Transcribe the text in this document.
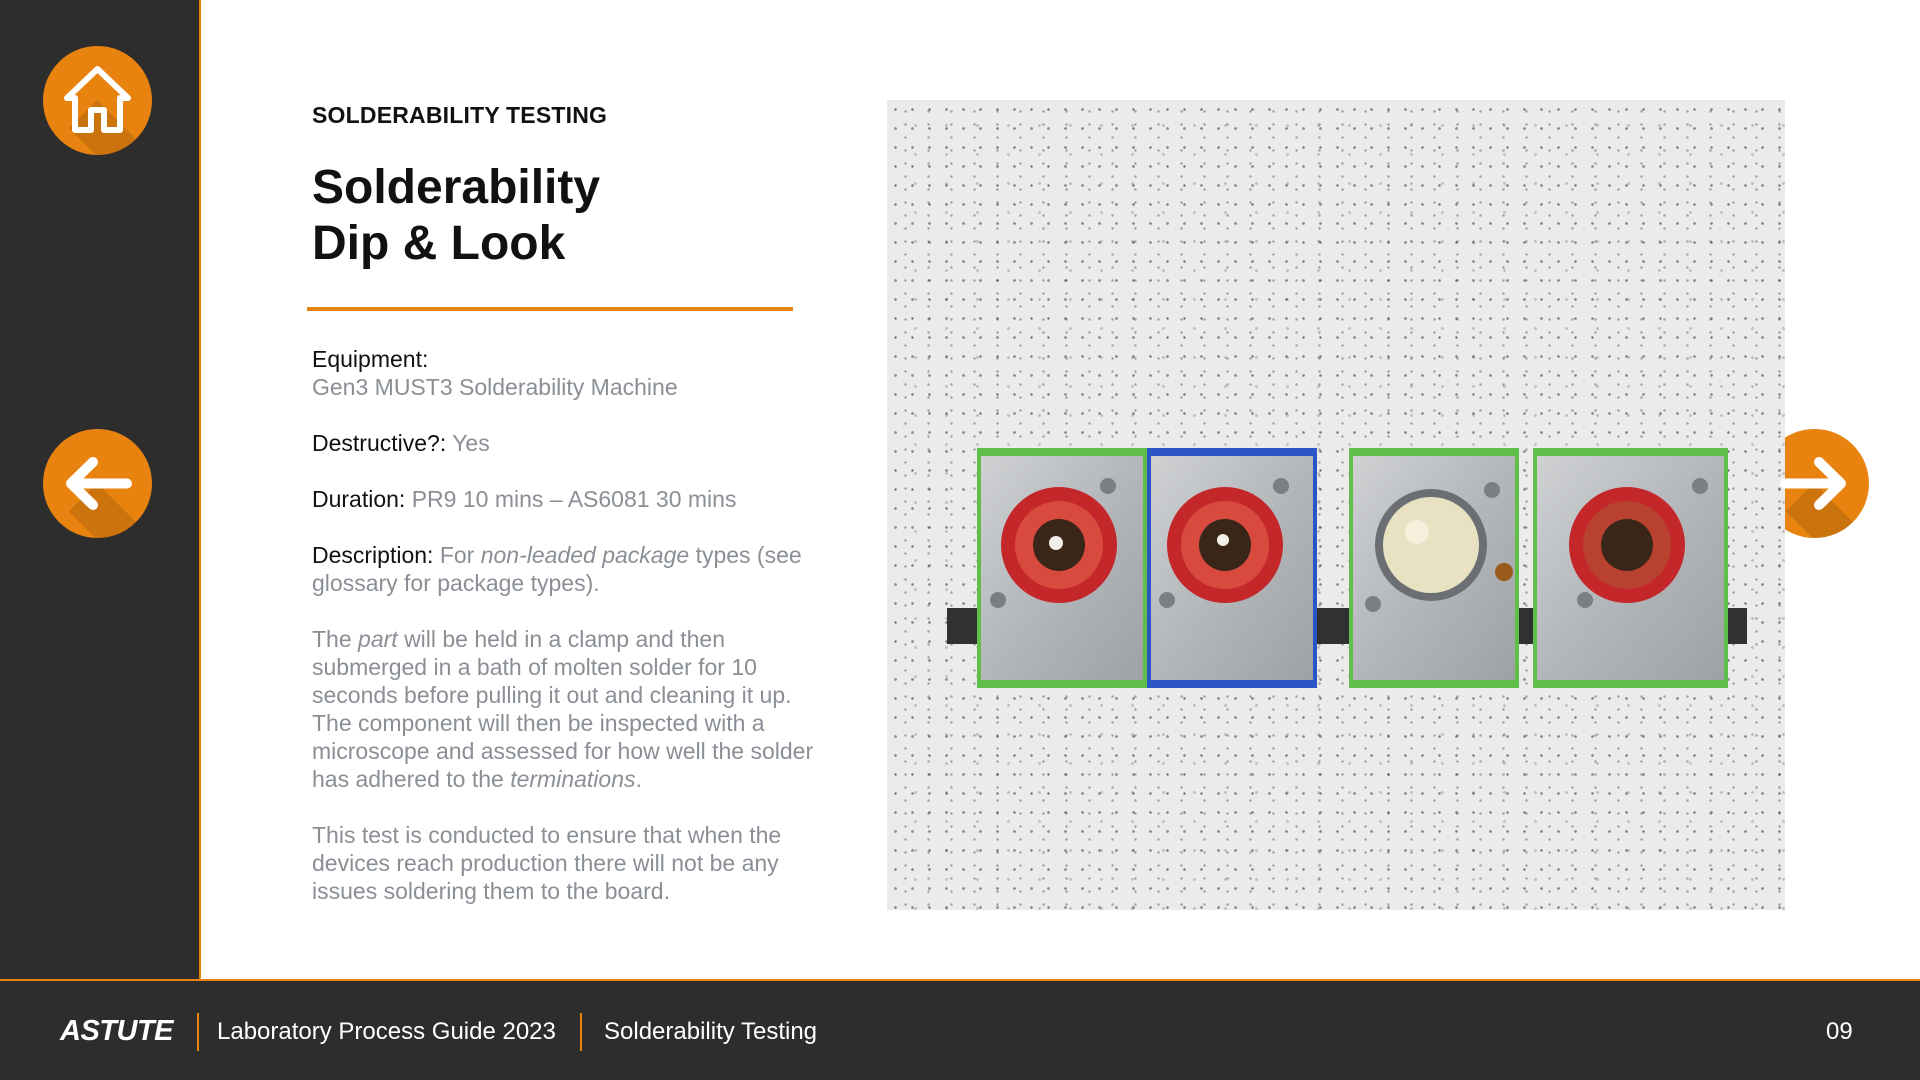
SOLDERABILITY TESTING
Solderability
Dip & Look

Equipment:
Gen3 MUST3 Solderability Machine

Destructive?: Yes

Duration: PR9 10 mins – AS6081 30 mins

Description: For non-leaded package types (see glossary for package types).

The part will be held in a clamp and then submerged in a bath of molten solder for 10 seconds before pulling it out and cleaning it up. The component will then be inspected with a microscope and assessed for how well the solder has adhered to the terminations.

This test is conducted to ensure that when the devices reach production there will not be any issues soldering them to the board.

ASTUTE Laboratory Process Guide 2023 Solderability Testing	09
